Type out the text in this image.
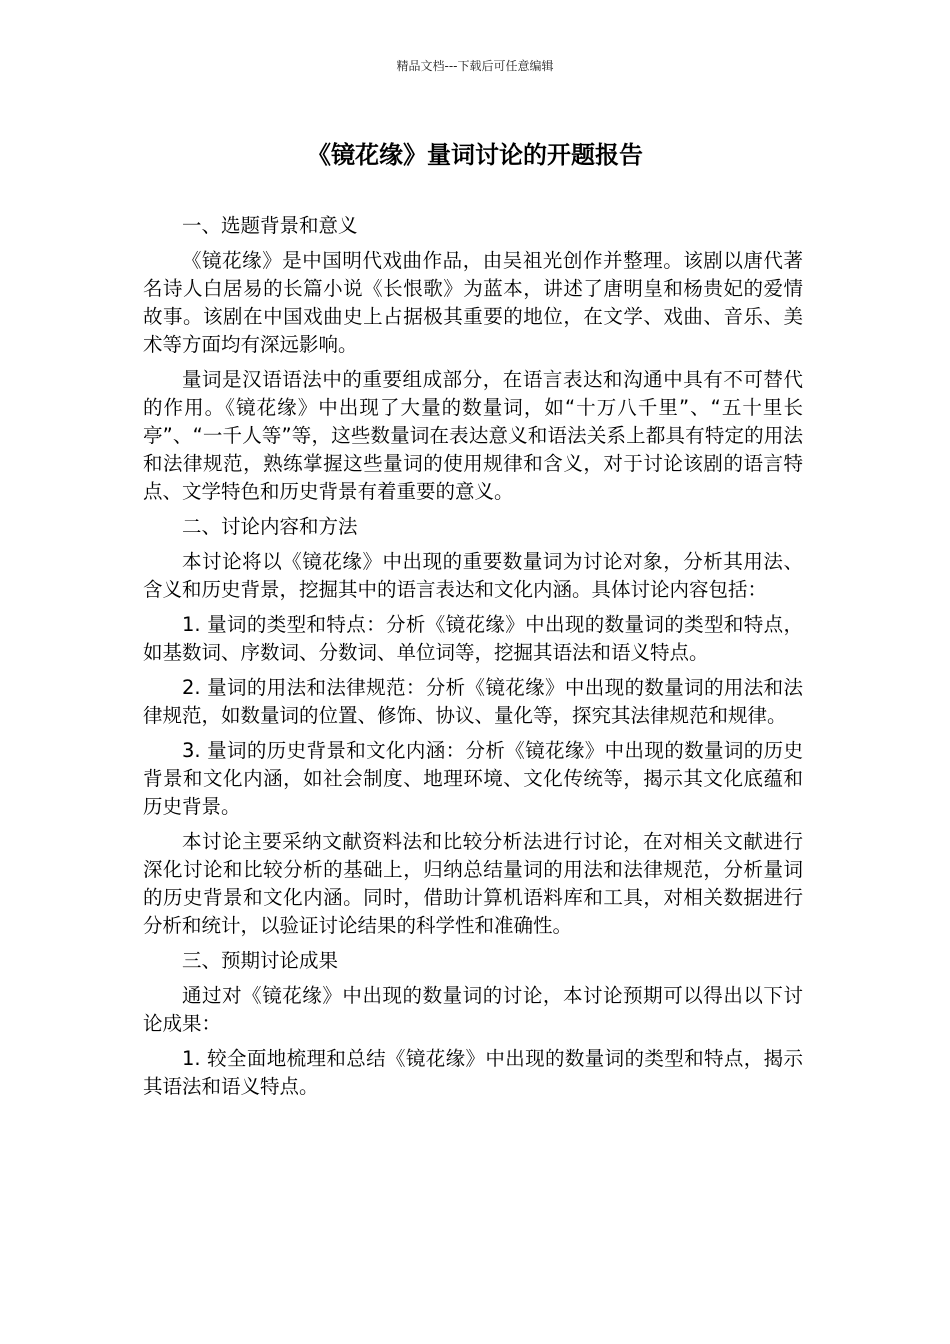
精品文档---下载后可任意编辑
《镜花缘》量词讨论的开题报告

一、选题背景和意义

《镜花缘》是中国明代戏曲作品，由吴祖光创作并整理。该剧以唐代著名诗人白居易的长篇小说《长恨歌》为蓝本，讲述了唐明皇和杨贵妃的爱情故事。该剧在中国戏曲史上占据极其重要的地位，在文学、戏曲、音乐、美术等方面均有深远影响。

量词是汉语语法中的重要组成部分，在语言表达和沟通中具有不可替代的作用。《镜花缘》中出现了大量的数量词，如“十万八千里”、“五十里长亭”、“一千人等”等，这些数量词在表达意义和语法关系上都具有特定的用法和法律规范，熟练掌握这些量词的使用规律和含义，对于讨论该剧的语言特点、文学特色和历史背景有着重要的意义。

二、讨论内容和方法

本讨论将以《镜花缘》中出现的重要数量词为讨论对象，分析其用法、含义和历史背景，挖掘其中的语言表达和文化内涵。具体讨论内容包括：

1. 量词的类型和特点：分析《镜花缘》中出现的数量词的类型和特点，如基数词、序数词、分数词、单位词等，挖掘其语法和语义特点。

2. 量词的用法和法律规范：分析《镜花缘》中出现的数量词的用法和法律规范，如数量词的位置、修饰、协议、量化等，探究其法律规范和规律。

3. 量词的历史背景和文化内涵：分析《镜花缘》中出现的数量词的历史背景和文化内涵，如社会制度、地理环境、文化传统等，揭示其文化底蕴和历史背景。

本讨论主要采纳文献资料法和比较分析法进行讨论，在对相关文献进行深化讨论和比较分析的基础上，归纳总结量词的用法和法律规范，分析量词的历史背景和文化内涵。同时，借助计算机语料库和工具，对相关数据进行分析和统计，以验证讨论结果的科学性和准确性。

三、预期讨论成果

通过对《镜花缘》中出现的数量词的讨论，本讨论预期可以得出以下讨论成果：

1. 较全面地梳理和总结《镜花缘》中出现的数量词的类型和特点，揭示其语法和语义特点。
